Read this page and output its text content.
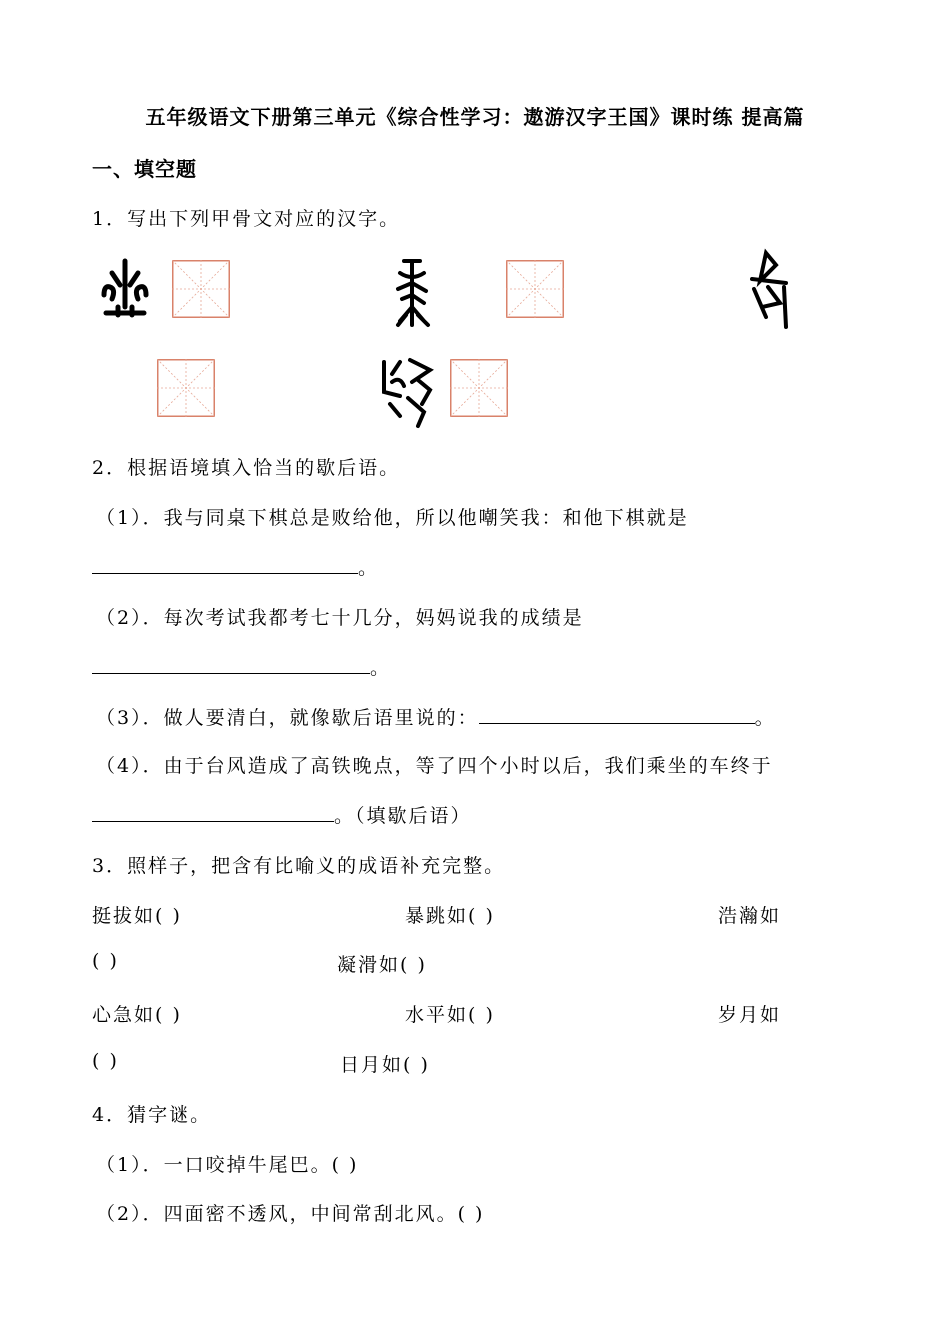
五年级语文下册第三单元《综合性学习：遨游汉字王国》课时练 提高篇
一、填空题
1．写出下列甲骨文对应的汉字。
2．根据语境填入恰当的歇后语。
（1）．我与同桌下棋总是败给他，所以他嘲笑我：和他下棋就是
。
（2）．每次考试我都考七十几分，妈妈说我的成绩是
。
（3）．做人要清白，就像歇后语里说的：	。
（4）．由于台风造成了高铁晚点，等了四个小时以后，我们乘坐的车终于
。（填歇后语）
3．照样子，把含有比喻义的成语补充完整。
挺拔如( )	暴跳如( )	浩瀚如
( )	凝滑如( )
心急如( )	水平如( )	岁月如
( )	日月如( )
4．猜字谜。
（1）．一口咬掉牛尾巴。( )
（2）．四面密不透风，中间常刮北风。( )
